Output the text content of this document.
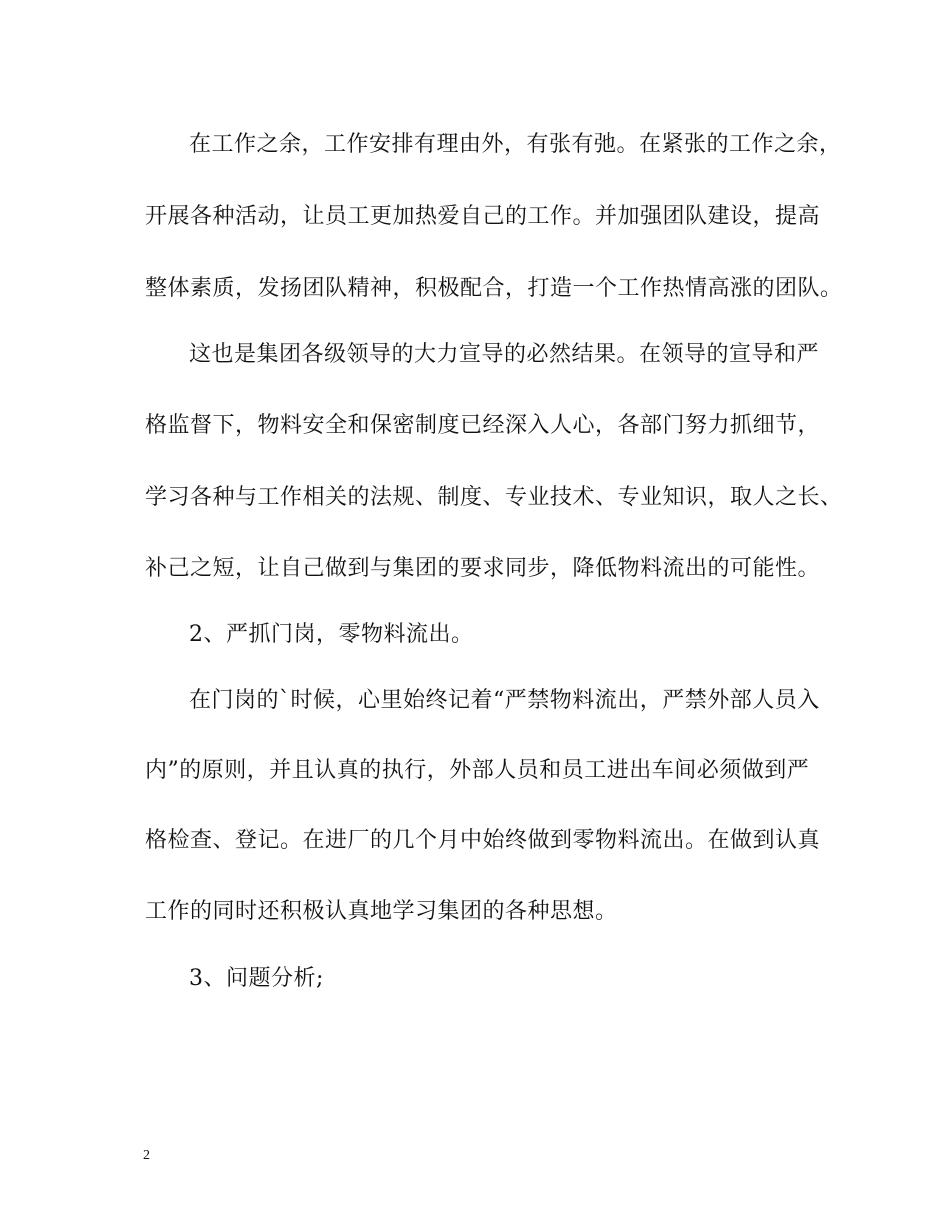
在工作之余，工作安排有理由外，有张有弛。在紧张的工作之余，
开展各种活动，让员工更加热爱自己的工作。并加强团队建设，提高
整体素质，发扬团队精神，积极配合，打造一个工作热情高涨的团队。
这也是集团各级领导的大力宣导的必然结果。在领导的宣导和严
格监督下，物料安全和保密制度已经深入人心，各部门努力抓细节，
学习各种与工作相关的法规、制度、专业技术、专业知识，取人之长、
补己之短，让自己做到与集团的要求同步，降低物料流出的可能性。
2、严抓门岗，零物料流出。
在门岗的`时候，心里始终记着“严禁物料流出，严禁外部人员入
内”的原则，并且认真的执行，外部人员和员工进出车间必须做到严
格检查、登记。在进厂的几个月中始终做到零物料流出。在做到认真
工作的同时还积极认真地学习集团的各种思想。
3、问题分析;
2
